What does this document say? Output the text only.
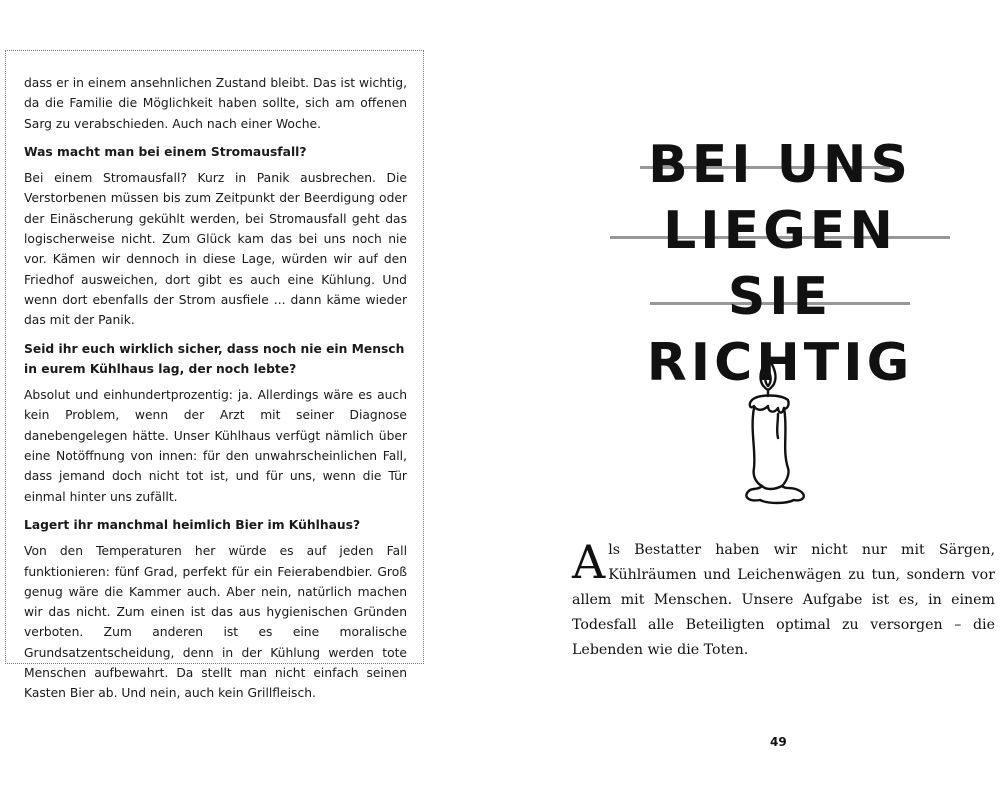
dass er in einem ansehnlichen Zustand bleibt. Das ist wichtig, da die Familie die Möglichkeit haben sollte, sich am offenen Sarg zu verabschieden. Auch nach einer Woche.

Was macht man bei einem Stromausfall?

Bei einem Stromausfall? Kurz in Panik ausbrechen. Die Verstorbenen müssen bis zum Zeitpunkt der Beerdigung oder der Einäscherung gekühlt werden, bei Stromausfall geht das logischerweise nicht. Zum Glück kam das bei uns noch nie vor. Kämen wir dennoch in diese Lage, würden wir auf den Friedhof ausweichen, dort gibt es auch eine Kühlung. Und wenn dort ebenfalls der Strom ausfiele ... dann käme wieder das mit der Panik.

Seid ihr euch wirklich sicher, dass noch nie ein Mensch in eurem Kühlhaus lag, der noch lebte?

Absolut und einhundertprozentig: ja. Allerdings wäre es auch kein Problem, wenn der Arzt mit seiner Diagnose danebengelegen hätte. Unser Kühlhaus verfügt nämlich über eine Notöffnung von innen: für den unwahrscheinlichen Fall, dass jemand doch nicht tot ist, und für uns, wenn die Tür einmal hinter uns zufällt.

Lagert ihr manchmal heimlich Bier im Kühlhaus?

Von den Temperaturen her würde es auf jeden Fall funktionieren: fünf Grad, perfekt für ein Feierabendbier. Groß genug wäre die Kammer auch. Aber nein, natürlich machen wir das nicht. Zum einen ist das aus hygienischen Gründen verboten. Zum anderen ist es eine moralische Grundsatzentscheidung, denn in der Kühlung werden tote Menschen aufbewahrt. Da stellt man nicht einfach seinen Kasten Bier ab. Und nein, auch kein Grillfleisch.

BEI UNS
LIEGEN SIE
RICHTIG

Als Bestatter haben wir nicht nur mit Särgen, Kühlräumen und Leichenwägen zu tun, sondern vor allem mit Menschen. Unsere Aufgabe ist es, in einem Todesfall alle Beteiligten optimal zu versorgen – die Lebenden wie die Toten.

49
